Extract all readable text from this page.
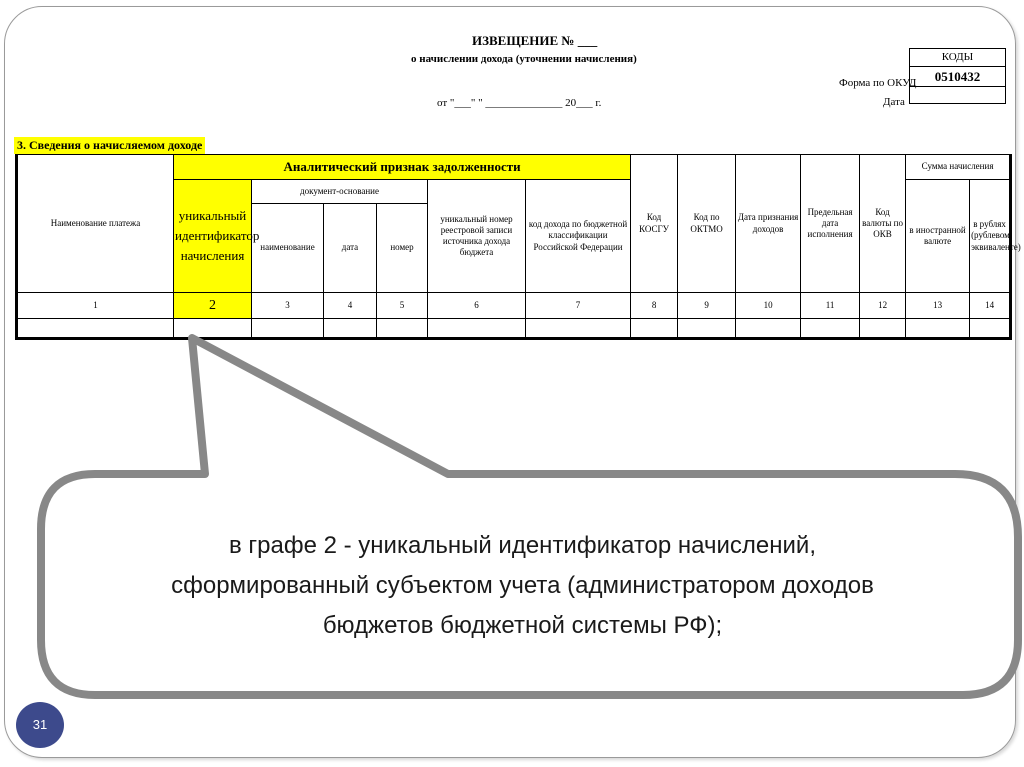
ИЗВЕЩЕНИЕ № ___
о начислении дохода (уточнении начисления)
от "___" " ______________ 20___ г.
КОДЫ
0510432
Форма по ОКУД
Дата
3. Сведения о начисляемом доходе
Наименование платежа	Аналитический признак задолженности						Код КОСГУ	Код по ОКТМО	Дата признания доходов	Предельная дата исполнения	Код валюты по ОКВ	Сумма начисления	
	уникальный идентификатор начисления	документ-основание			уникальный номер реестровой записи источника дохода бюджета	код дохода по бюджетной классификации Российской Федерации						в иностранной валюте	в рублях (рублевом эквиваленте)
		наименование	дата	номер									
1	2	3	4	5	6	7	8	9	10	11	12	13	14

в графе 2 - уникальный идентификатор начислений,
сформированный субъектом учета (администратором доходов
бюджетов бюджетной системы РФ);
31
